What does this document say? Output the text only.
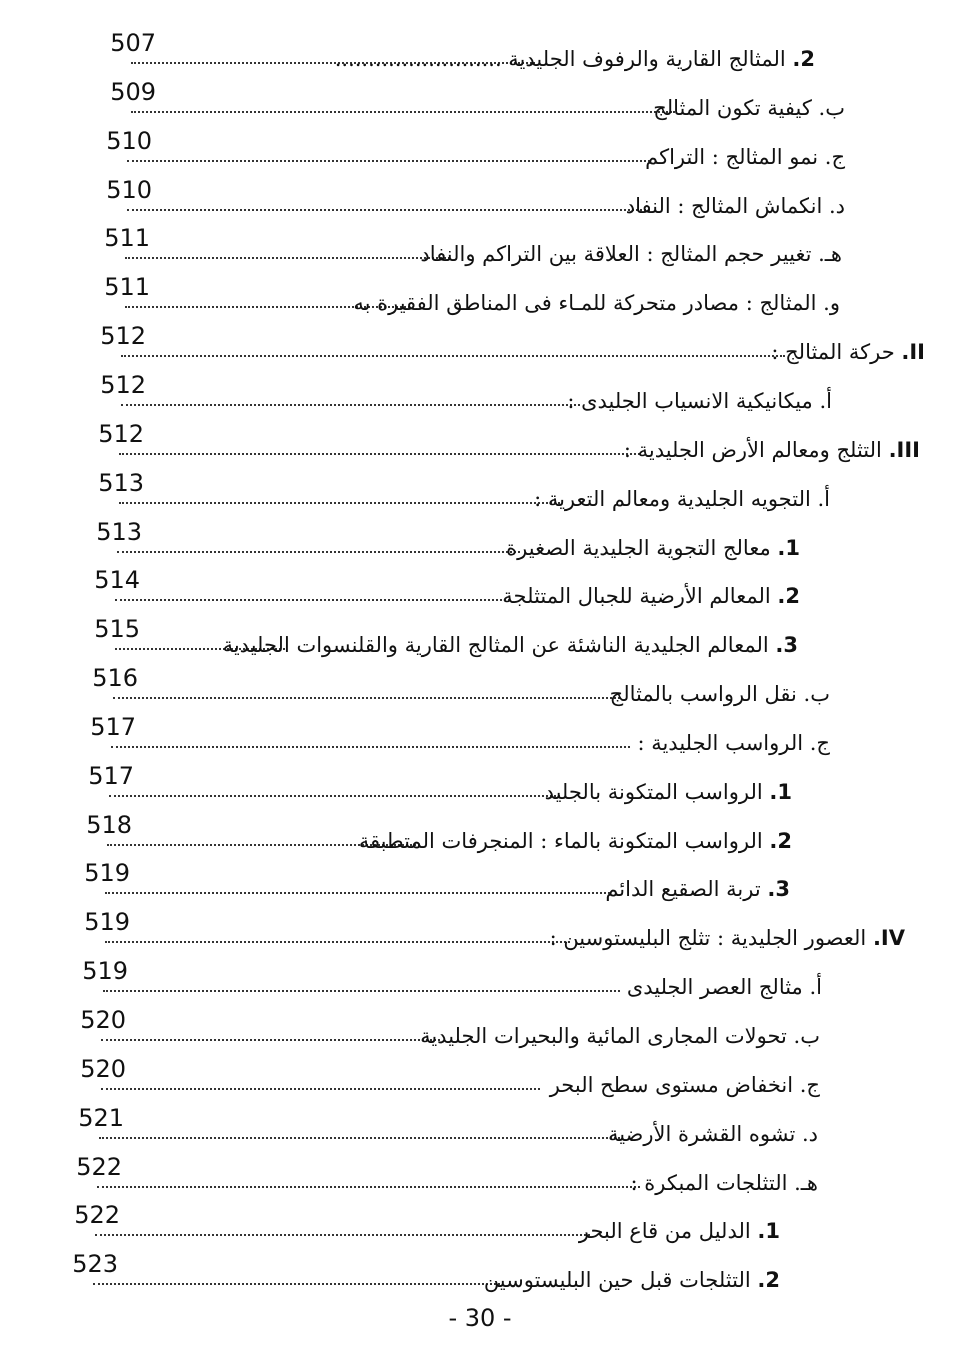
507
2. المثالج القارية والرفوف الجليدية .........................
509
ب. كيفية تكون المثالج
510
ج. نمو المثالج : التراكم
510
د. انكماش المثالج : النفاد
511
هـ. تغيير حجم المثالج : العلاقة بين التراكم والنفاد
511
و. المثالج : مصادر متحركة للمـاء فى المناطق الفقيرة به
512
II. حركة المثالج :
512
أ. ميكانيكية الانسياب الجليدى :
512
III. التثلج ومعالم الأرض الجليدية :
513
أ. التجويه الجليدية ومعالم التعرية :
513
1. معالج التجوية الجليدية الصغيرة
514
2. المعالم الأرضية للجبال المتثلجة
515
3. المعالم الجليدية الناشئة عن المثالج القارية والقلنسوات الجليدية
516
ب. نقل الرواسب بالمثالج
517
ج. الرواسب الجليدية :
517
1. الرواسب المتكونة بالجليد
518
2. الرواسب المتكونة بالماء : المنجرفات المتطبقة
519
3. تربة الصقيع الدائم
519
IV. العصور الجليدية : تثلج البليستوسين :
519
أ. مثالج العصر الجليدى
520
ب. تحولات المجارى المائية والبحيرات الجليدية
520
ج. انخفاض مستوى سطح البحر
521
د. تشوه القشرة الأرضية
522
هـ. التثلجات المبكرة :
522
1. الدليل من قاع البحر
523
2. التثلجات قبل حين البليستوسين
- 30 -
